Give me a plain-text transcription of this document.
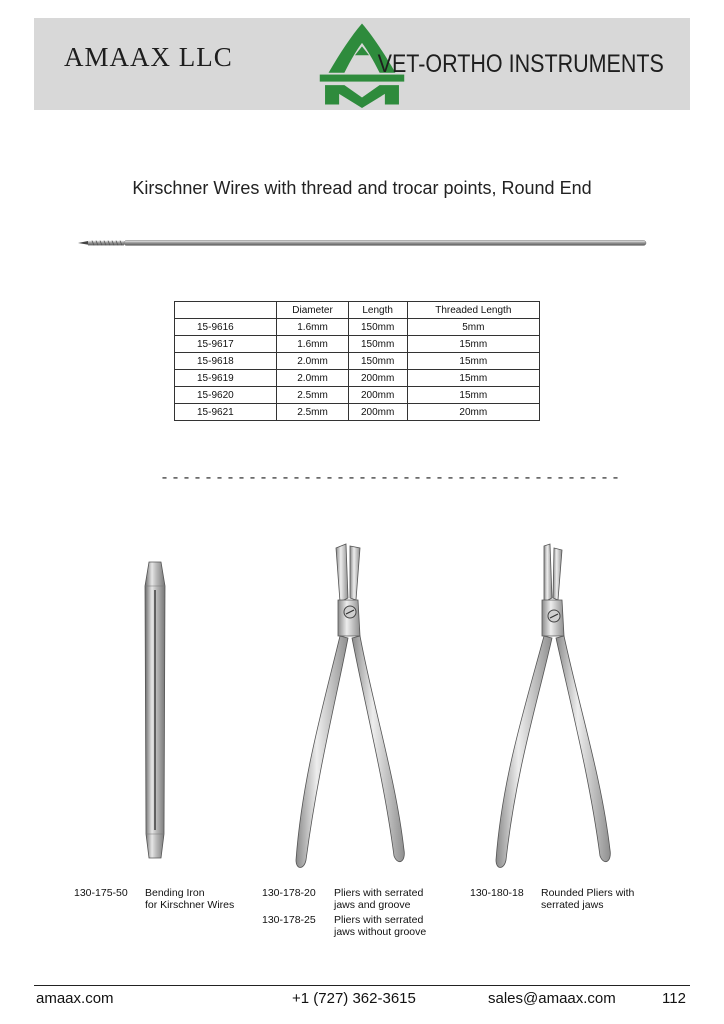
AMAAX LLC	VET-ORTHO INSTRUMENTS
Kirschner Wires with thread and trocar points, Round End
	Diameter	Length	Threaded Length
15-9616	1.6mm	150mm	5mm
15-9617	1.6mm	150mm	15mm
15-9618	2.0mm	150mm	15mm
15-9619	2.0mm	200mm	15mm
15-9620	2.5mm	200mm	15mm
15-9621	2.5mm	200mm	20mm
------------------------------------------
130-175-50 Bending Iron
for Kirschner Wires
130-178-20 Pliers with serrated
jaws and groove
130-178-25 Pliers with serrated
jaws without groove
130-180-18 Rounded Pliers with
serrated jaws
amaax.com	+1 (727) 362-3615	sales@amaax.com	112
